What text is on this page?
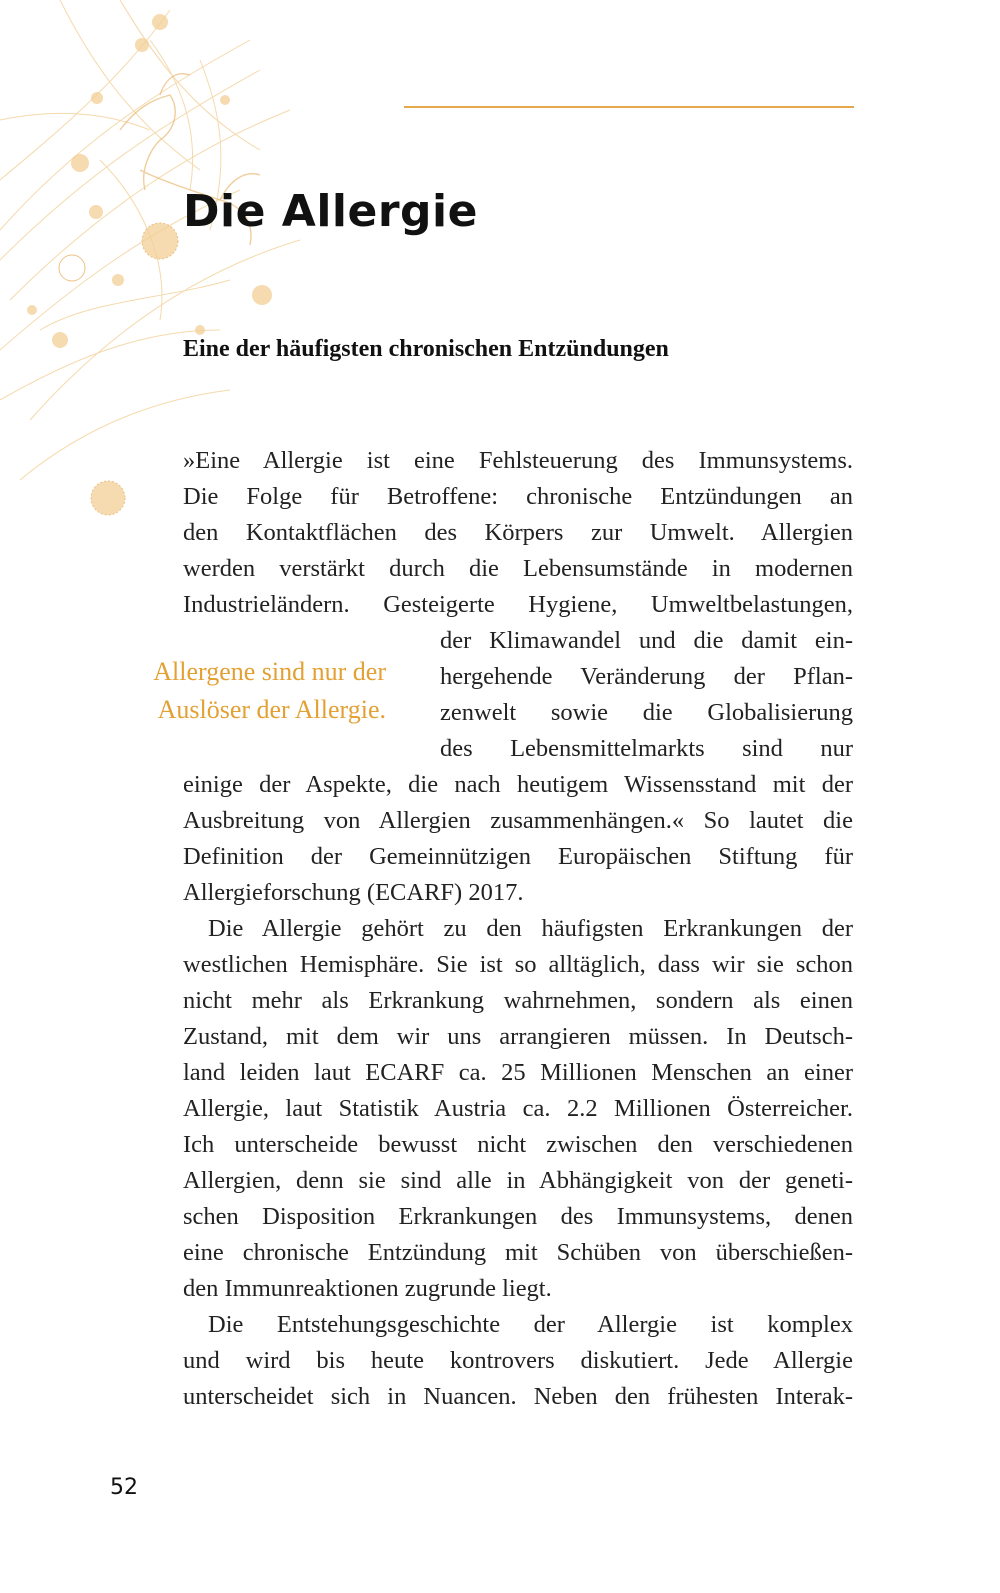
Die Allergie
Eine der häufigsten chronischen Entzündungen
»Eine Allergie ist eine Fehlsteuerung des Immunsystems.
Die Folge für Betroffene: chronische Entzündungen an
den Kontaktflächen des Körpers zur Umwelt. Allergien
werden verstärkt durch die Lebensumstände in modernen
Industrieländern. Gesteigerte Hygiene, Umweltbelastungen,
der Klimawandel und die damit ein-
hergehende Veränderung der Pflan-
zenwelt sowie die Globalisierung
des Lebensmittelmarkts sind nur
einige der Aspekte, die nach heutigem Wissensstand mit der
Ausbreitung von Allergien zusammenhängen.« So lautet die
Definition der Gemeinnützigen Europäischen Stiftung für
Allergieforschung (ECARF) 2017.
Die Allergie gehört zu den häufigsten Erkrankungen der
westlichen Hemisphäre. Sie ist so alltäglich, dass wir sie schon
nicht mehr als Erkrankung wahrnehmen, sondern als einen
Zustand, mit dem wir uns arrangieren müssen. In Deutsch-
land leiden laut ECARF ca. 25 Millionen Menschen an einer
Allergie, laut Statistik Austria ca. 2.2 Millionen Österreicher.
Ich unterscheide bewusst nicht zwischen den verschiedenen
Allergien, denn sie sind alle in Abhängigkeit von der geneti-
schen Disposition Erkrankungen des Immunsystems, denen
eine chronische Entzündung mit Schüben von überschießen-
den Immunreaktionen zugrunde liegt.
Die Entstehungsgeschichte der Allergie ist komplex
und wird bis heute kontrovers diskutiert. Jede Allergie
unterscheidet sich in Nuancen. Neben den frühesten Interak-
Allergene sind nur der
Auslöser der Allergie.
52
